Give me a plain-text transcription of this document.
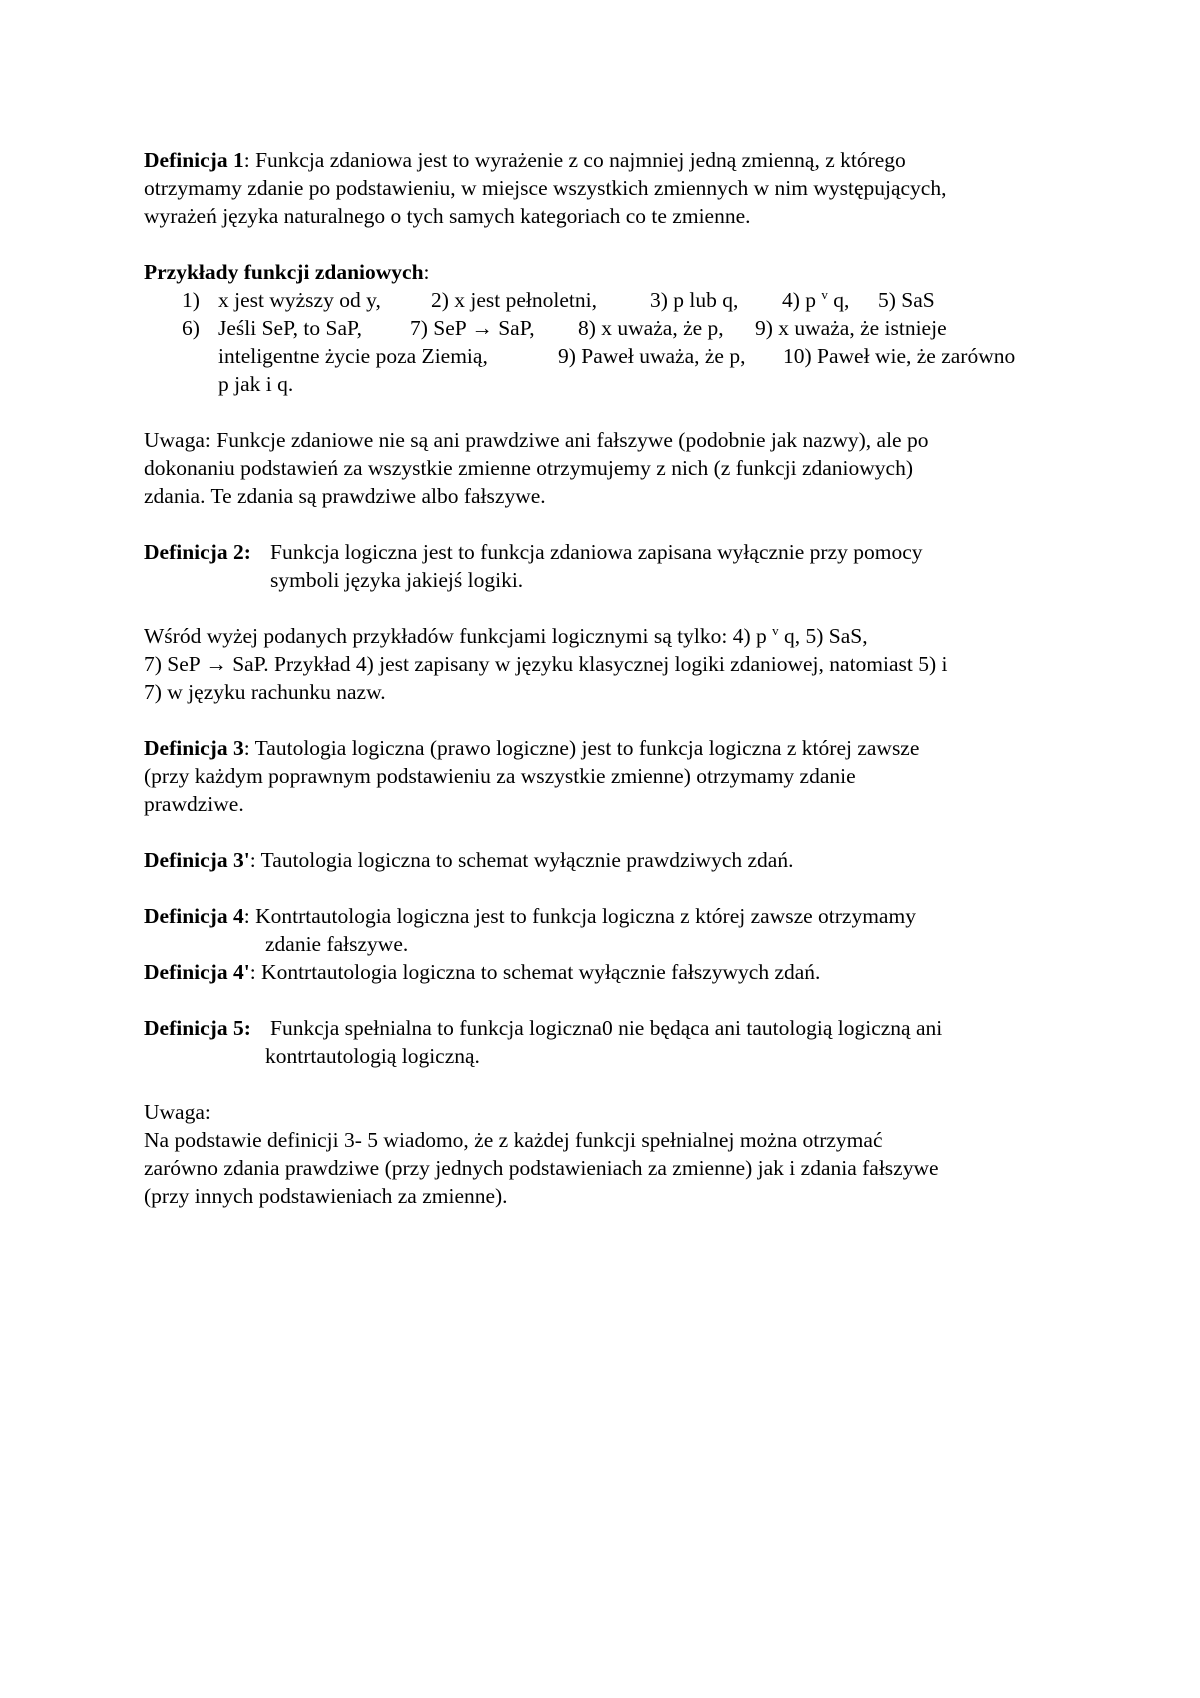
Definicja 1: Funkcja zdaniowa jest to wyrażenie z co najmniej jedną zmienną, z którego
otrzymamy zdanie po podstawieniu, w miejsce wszystkich zmiennych w nim występujących,
wyrażeń języka naturalnego o tych samych kategoriach co te zmienne.
Przykłady funkcji zdaniowych:
1) x jest wyższy od y, 2) x jest pełnoletni, 3) p lub q, 4) p $^v$ q, 5) SaS
6) Jeśli SeP, to SaP, 7) SeP → SaP, 8) x uważa, że p, 9) x uważa, że istnieje
inteligentne życie poza Ziemią,	9) Paweł uważa, że p, 10) Paweł wie, że zarówno
p jak i q.
Uwaga: Funkcje zdaniowe nie są ani prawdziwe ani fałszywe (podobnie jak nazwy), ale po
dokonaniu podstawień za wszystkie zmienne otrzymujemy z nich (z funkcji zdaniowych)
zdania. Te zdania są prawdziwe albo fałszywe.
Definicja 2: Funkcja logiczna jest to funkcja zdaniowa zapisana wyłącznie przy pomocy
symboli języka jakiejś logiki.
Wśród wyżej podanych przykładów funkcjami logicznymi są tylko: 4) p $^v$ q, 5) SaS,
7) SeP → SaP. Przykład 4) jest zapisany w języku klasycznej logiki zdaniowej, natomiast 5) i
7) w języku rachunku nazw.
Definicja 3: Tautologia logiczna (prawo logiczne) jest to funkcja logiczna z której zawsze
(przy każdym poprawnym podstawieniu za wszystkie zmienne) otrzymamy zdanie
prawdziwe.
Definicja 3': Tautologia logiczna to schemat wyłącznie prawdziwych zdań.
Definicja 4: Kontrtautologia logiczna jest to funkcja logiczna z której zawsze otrzymamy
zdanie fałszywe.
Definicja 4': Kontrtautologia logiczna to schemat wyłącznie fałszywych zdań.
Definicja 5: Funkcja spełnialna to funkcja logiczna0 nie będąca ani tautologią logiczną ani
kontrtautologią logiczną.
Uwaga:
Na podstawie definicji 3- 5 wiadomo, że z każdej funkcji spełnialnej można otrzymać
zarówno zdania prawdziwe (przy jednych podstawieniach za zmienne) jak i zdania fałszywe
(przy innych podstawieniach za zmienne).
